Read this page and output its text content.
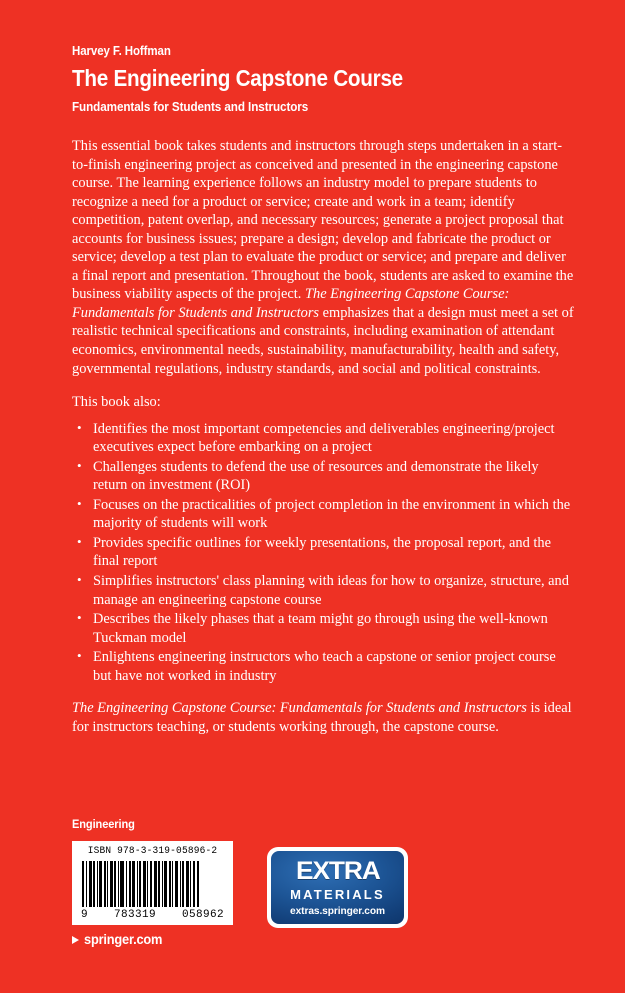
Harvey F. Hoffman
The Engineering Capstone Course
Fundamentals for Students and Instructors

This essential book takes students and instructors through steps undertaken in a start-to-finish engineering project as conceived and presented in the engineering capstone course. The learning experience follows an industry model to prepare students to recognize a need for a product or service; create and work in a team; identify competition, patent overlap, and necessary resources; generate a project proposal that accounts for business issues; prepare a design; develop and fabricate the product or service; develop a test plan to evaluate the product or service; and prepare and deliver a final report and presentation. Throughout the book, students are asked to examine the business viability aspects of the project. The Engineering Capstone Course: Fundamentals for Students and Instructors emphasizes that a design must meet a set of realistic technical specifications and constraints, including examination of attendant economics, environmental needs, sustainability, manufacturability, health and safety, governmental regulations, industry standards, and social and political constraints.

This book also:

• Identifies the most important competencies and deliverables engineering/project executives expect before embarking on a project
• Challenges students to defend the use of resources and demonstrate the likely return on investment (ROI)
• Focuses on the practicalities of project completion in the environment in which the majority of students will work
• Provides specific outlines for weekly presentations, the proposal report, and the final report
• Simplifies instructors' class planning with ideas for how to organize, structure, and manage an engineering capstone course
• Describes the likely phases that a team might go through using the well-known Tuckman model
• Enlightens engineering instructors who teach a capstone or senior project course but have not worked in industry

The Engineering Capstone Course: Fundamentals for Students and Instructors is ideal for instructors teaching, or students working through, the capstone course.

Engineering
ISBN 978-3-319-05896-2
9 783319 058962
springer.com
EXTRA
MATERIALS
extras.springer.com
